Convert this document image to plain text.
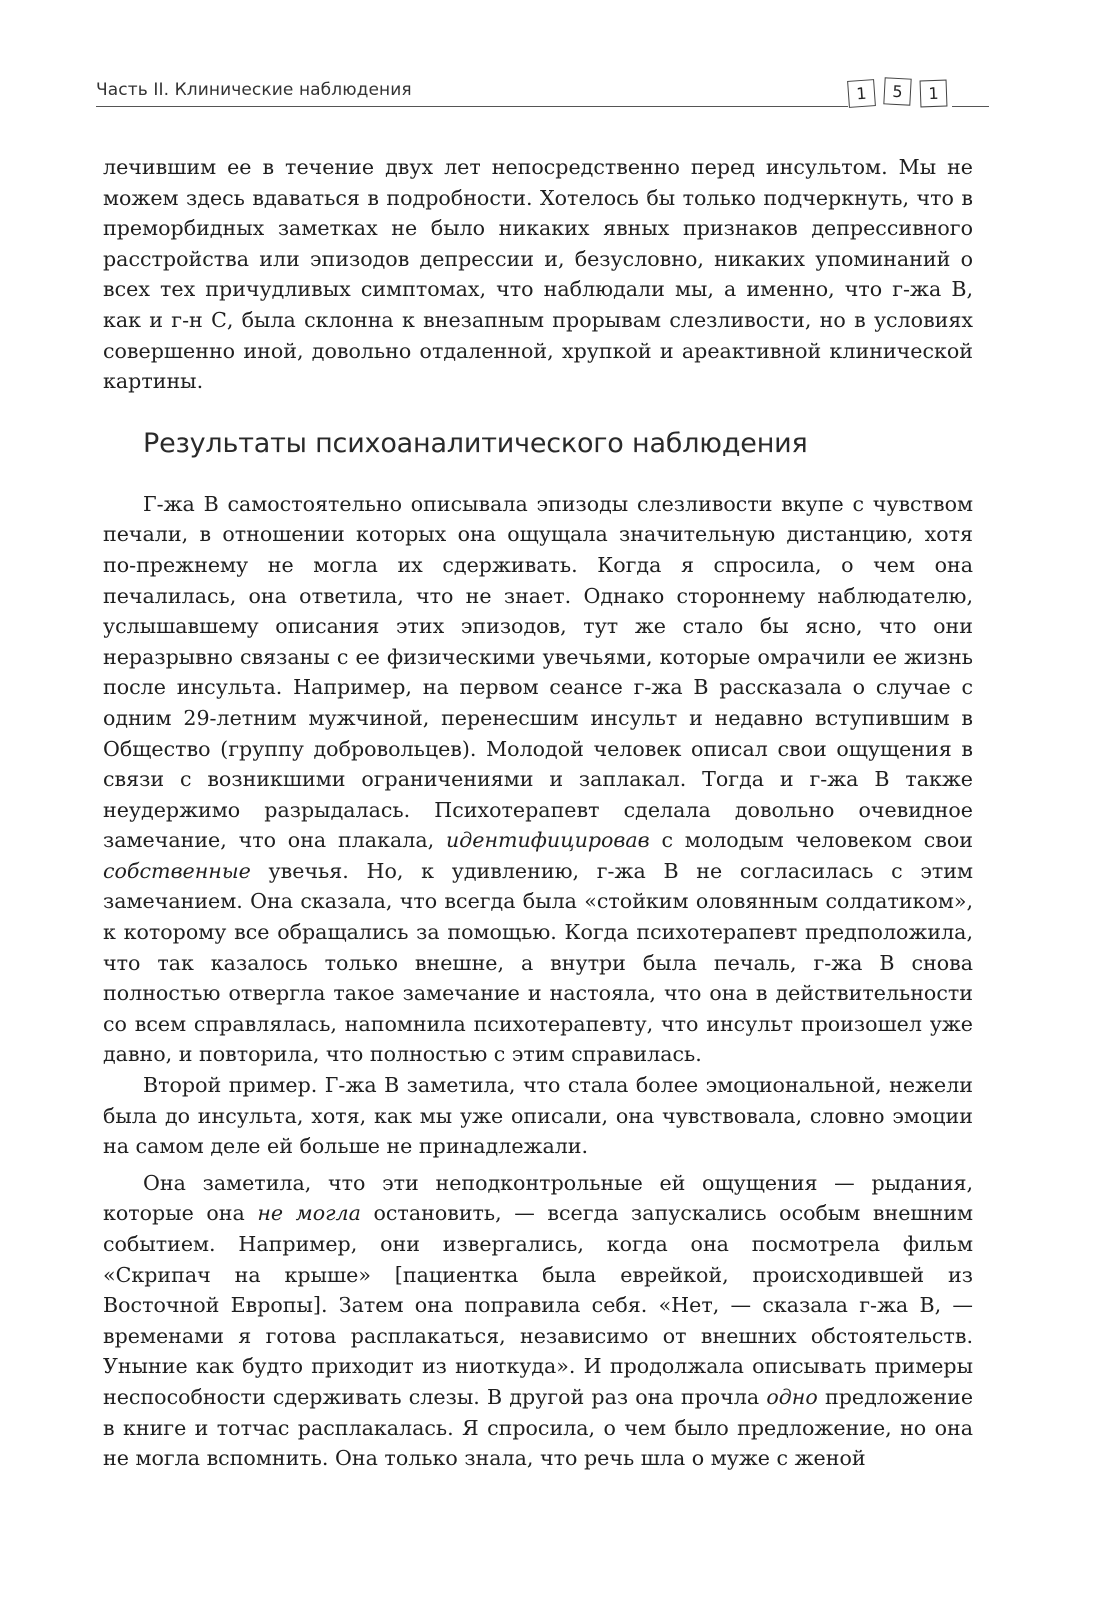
Часть II. Клинические наблюдения	1	5	1

лечившим ее в течение двух лет непосредственно перед инсультом. Мы не можем здесь вдаваться в подробности. Хотелось бы только подчеркнуть, что в преморбидных заметках не было никаких явных признаков депрессивного расстройства или эпизодов депрессии и, безусловно, никаких упоминаний о всех тех причудливых симптомах, что наблюдали мы, а именно, что г-жа В, как и г-н С, была склонна к внезапным прорывам слезливости, но в условиях совершенно иной, довольно отдаленной, хрупкой и ареактивной клинической картины.

Результаты психоаналитического наблюдения

Г-жа В самостоятельно описывала эпизоды слезливости вкупе с чувством печали, в отношении которых она ощущала значительную дистанцию, хотя по-прежнему не могла их сдерживать. Когда я спросила, о чем она печалилась, она ответила, что не знает. Однако стороннему наблюдателю, услышавшему описания этих эпизодов, тут же стало бы ясно, что они неразрывно связаны с ее физическими увечьями, которые омрачили ее жизнь после инсульта. Например, на первом сеансе г-жа В рассказала о случае с одним 29-летним мужчиной, перенесшим инсульт и недавно вступившим в Общество (группу добровольцев). Молодой человек описал свои ощущения в связи с возникшими ограничениями и заплакал. Тогда и г-жа В также неудержимо разрыдалась. Психотерапевт сделала довольно очевидное замечание, что она плакала, идентифицировав с молодым человеком свои собственные увечья. Но, к удивлению, г-жа В не согласилась с этим замечанием. Она сказала, что всегда была «стойким оловянным солдатиком», к которому все обращались за помощью. Когда психотерапевт предположила, что так казалось только внешне, а внутри была печаль, г-жа В снова полностью отвергла такое замечание и настояла, что она в действительности со всем справлялась, напомнила психотерапевту, что инсульт произошел уже давно, и повторила, что полностью с этим справилась.

Второй пример. Г-жа В заметила, что стала более эмоциональной, нежели была до инсульта, хотя, как мы уже описали, она чувствовала, словно эмоции на самом деле ей больше не принадлежали.

Она заметила, что эти неподконтрольные ей ощущения — рыдания, которые она не могла остановить, — всегда запускались особым внешним событием. Например, они извергались, когда она посмотрела фильм «Скрипач на крыше» [пациентка была еврейкой, происходившей из Восточной Европы]. Затем она поправила себя. «Нет, — сказала г-жа В, — временами я готова расплакаться, независимо от внешних обстоятельств. Уныние как будто приходит из ниоткуда». И продолжала описывать примеры неспособности сдерживать слезы. В другой раз она прочла одно предложение в книге и тотчас расплакалась. Я спросила, о чем было предложение, но она не могла вспомнить. Она только знала, что речь шла о муже с женой
